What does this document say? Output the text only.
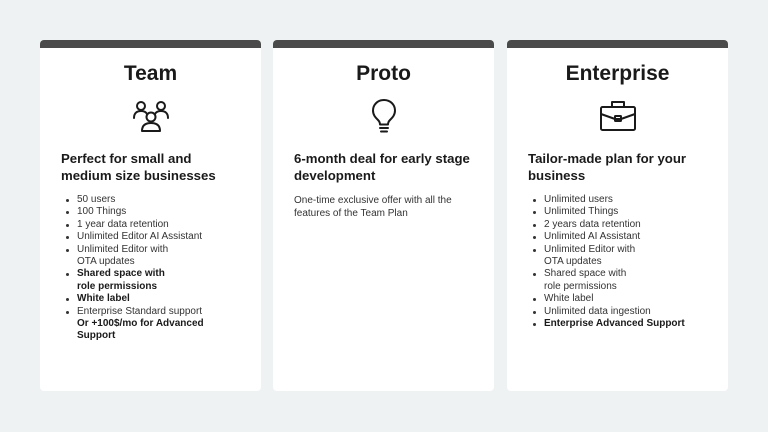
Team
Perfect for small and medium size businesses
50 users
100 Things
1 year data retention
Unlimited Editor AI Assistant
Unlimited Editor with
OTA updates
Shared space with
role permissions
White label
Enterprise Standard support
Or +100$/mo for Advanced
Support
Proto
6-month deal for early stage development
One-time exclusive offer with all the features of the Team Plan
Enterprise
Tailor-made plan for your business
Unlimited users
Unlimited Things
2 years data retention
Unlimited AI Assistant
Unlimited Editor with
OTA updates
Shared space with
role permissions
White label
Unlimited data ingestion
Enterprise Advanced Support
